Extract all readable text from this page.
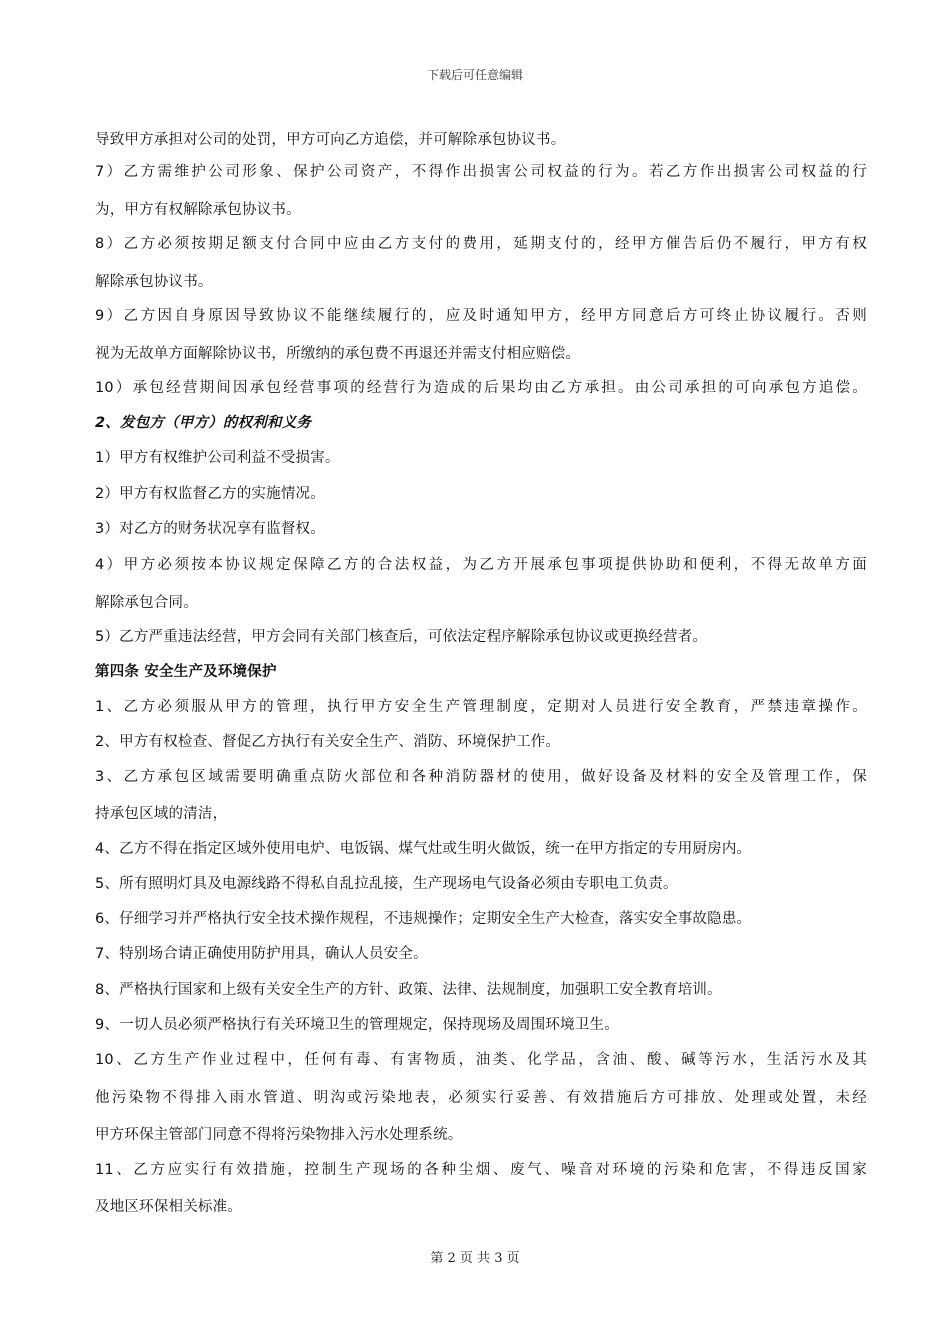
下载后可任意编辑
导致甲方承担对公司的处罚，甲方可向乙方追偿，并可解除承包协议书。
7）乙方需维护公司形象、保护公司资产，不得作出损害公司权益的行为。若乙方作出损害公司权益的行
为，甲方有权解除承包协议书。
8）乙方必须按期足额支付合同中应由乙方支付的费用，延期支付的，经甲方催告后仍不履行，甲方有权
解除承包协议书。
9）乙方因自身原因导致协议不能继续履行的，应及时通知甲方，经甲方同意后方可终止协议履行。否则
视为无故单方面解除协议书，所缴纳的承包费不再退还并需支付相应赔偿。
10）承包经营期间因承包经营事项的经营行为造成的后果均由乙方承担。由公司承担的可向承包方追偿。
2、发包方（甲方）的权利和义务
1）甲方有权维护公司利益不受损害。
2）甲方有权监督乙方的实施情况。
3）对乙方的财务状况享有监督权。
4）甲方必须按本协议规定保障乙方的合法权益，为乙方开展承包事项提供协助和便利，不得无故单方面
解除承包合同。
5）乙方严重违法经营，甲方会同有关部门核查后，可依法定程序解除承包协议或更换经营者。
第四条 安全生产及环境保护
1、乙方必须服从甲方的管理，执行甲方安全生产管理制度，定期对人员进行安全教育，严禁违章操作。
2、甲方有权检查、督促乙方执行有关安全生产、消防、环境保护工作。
3、乙方承包区域需要明确重点防火部位和各种消防器材的使用，做好设备及材料的安全及管理工作，保
持承包区域的清洁，
4、乙方不得在指定区域外使用电炉、电饭锅、煤气灶或生明火做饭，统一在甲方指定的专用厨房内。
5、所有照明灯具及电源线路不得私自乱拉乱接，生产现场电气设备必须由专职电工负责。
6、仔细学习并严格执行安全技术操作规程，不违规操作；定期安全生产大检查，落实安全事故隐患。
7、特别场合请正确使用防护用具，确认人员安全。
8、严格执行国家和上级有关安全生产的方针、政策、法律、法规制度，加强职工安全教育培训。
9、一切人员必须严格执行有关环境卫生的管理规定，保持现场及周围环境卫生。
10、乙方生产作业过程中，任何有毒、有害物质，油类、化学品，含油、酸、碱等污水，生活污水及其
他污染物不得排入雨水管道、明沟或污染地表，必须实行妥善、有效措施后方可排放、处理或处置，未经
甲方环保主管部门同意不得将污染物排入污水处理系统。
11、乙方应实行有效措施，控制生产现场的各种尘烟、废气、噪音对环境的污染和危害，不得违反国家
及地区环保相关标准。
第 2 页 共 3 页
